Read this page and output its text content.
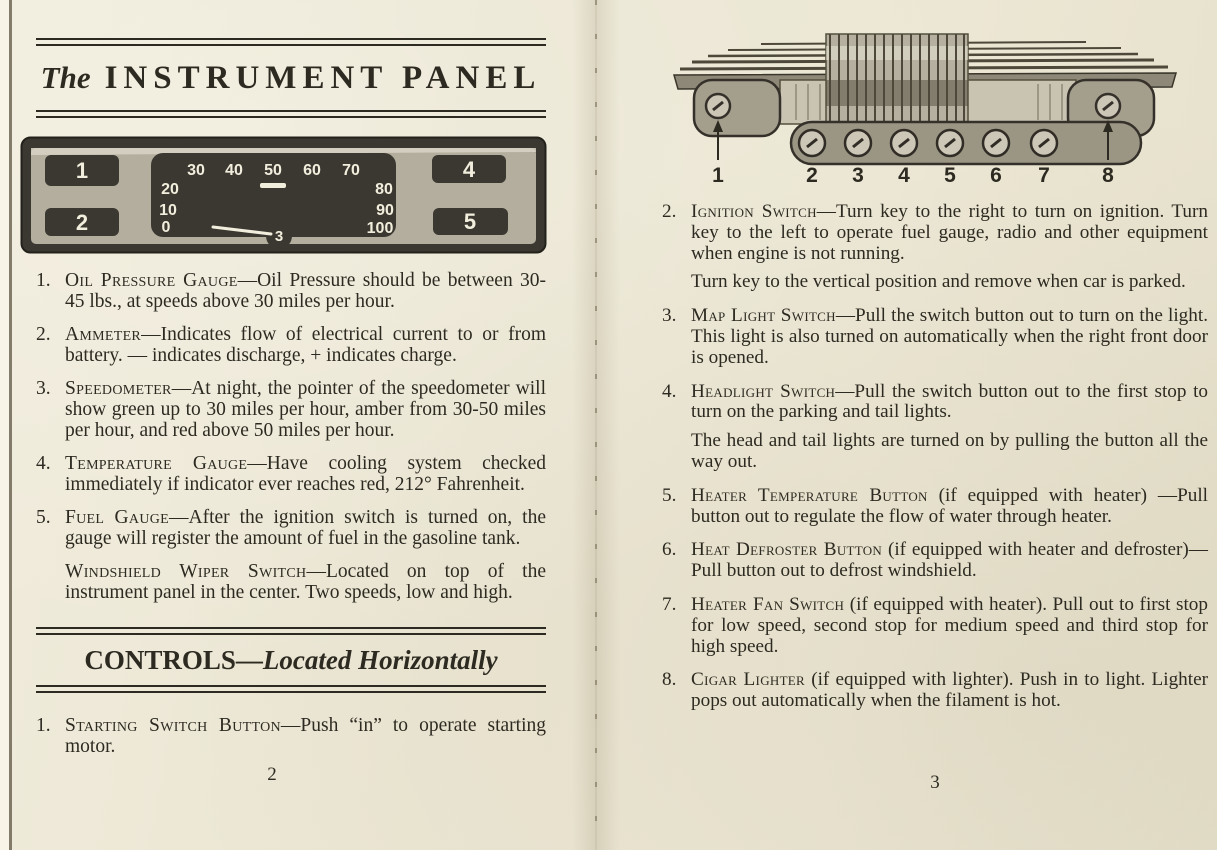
The INSTRUMENT PANEL
1
2
4
5
30 40 50 60 70
20
10
0
80
90
100
3
1. Oil Pressure Gauge—Oil Pressure should be between 30-45 lbs., at speeds above 30 miles per hour.

2. Ammeter—Indicates flow of electrical current to or from battery. — indicates discharge, + indicates charge.

3. Speedometer—At night, the pointer of the speedometer will show green up to 30 miles per hour, amber from 30-50 miles per hour, and red above 50 miles per hour.

4. Temperature Gauge—Have cooling system checked immediately if indicator ever reaches red, 212° Fahrenheit.

5. Fuel Gauge—After the ignition switch is turned on, the gauge will register the amount of fuel in the gasoline tank.

Windshield Wiper Switch—Located on top of the instrument panel in the center. Two speeds, low and high.

CONTROLS—Located Horizontally
1. Starting Switch Button—Push “in” to operate starting motor.

2
1	2 3 4 5 6 7 8
2. Ignition Switch—Turn key to the right to turn on ignition. Turn key to the left to operate fuel gauge, radio and other equipment when engine is not running.

Turn key to the vertical position and remove when car is parked.

3. Map Light Switch—Pull the switch button out to turn on the light. This light is also turned on automatically when the right front door is opened.

4. Headlight Switch—Pull the switch button out to the first stop to turn on the parking and tail lights.

The head and tail lights are turned on by pulling the button all the way out.

5. Heater Temperature Button (if equipped with heater) —Pull button out to regulate the flow of water through heater.

6. Heat Defroster Button (if equipped with heater and defroster)—Pull button out to defrost windshield.

7. Heater Fan Switch (if equipped with heater). Pull out to first stop for low speed, second stop for medium speed and third stop for high speed.

8. Cigar Lighter (if equipped with lighter). Push in to light. Lighter pops out automatically when the filament is hot.

3
